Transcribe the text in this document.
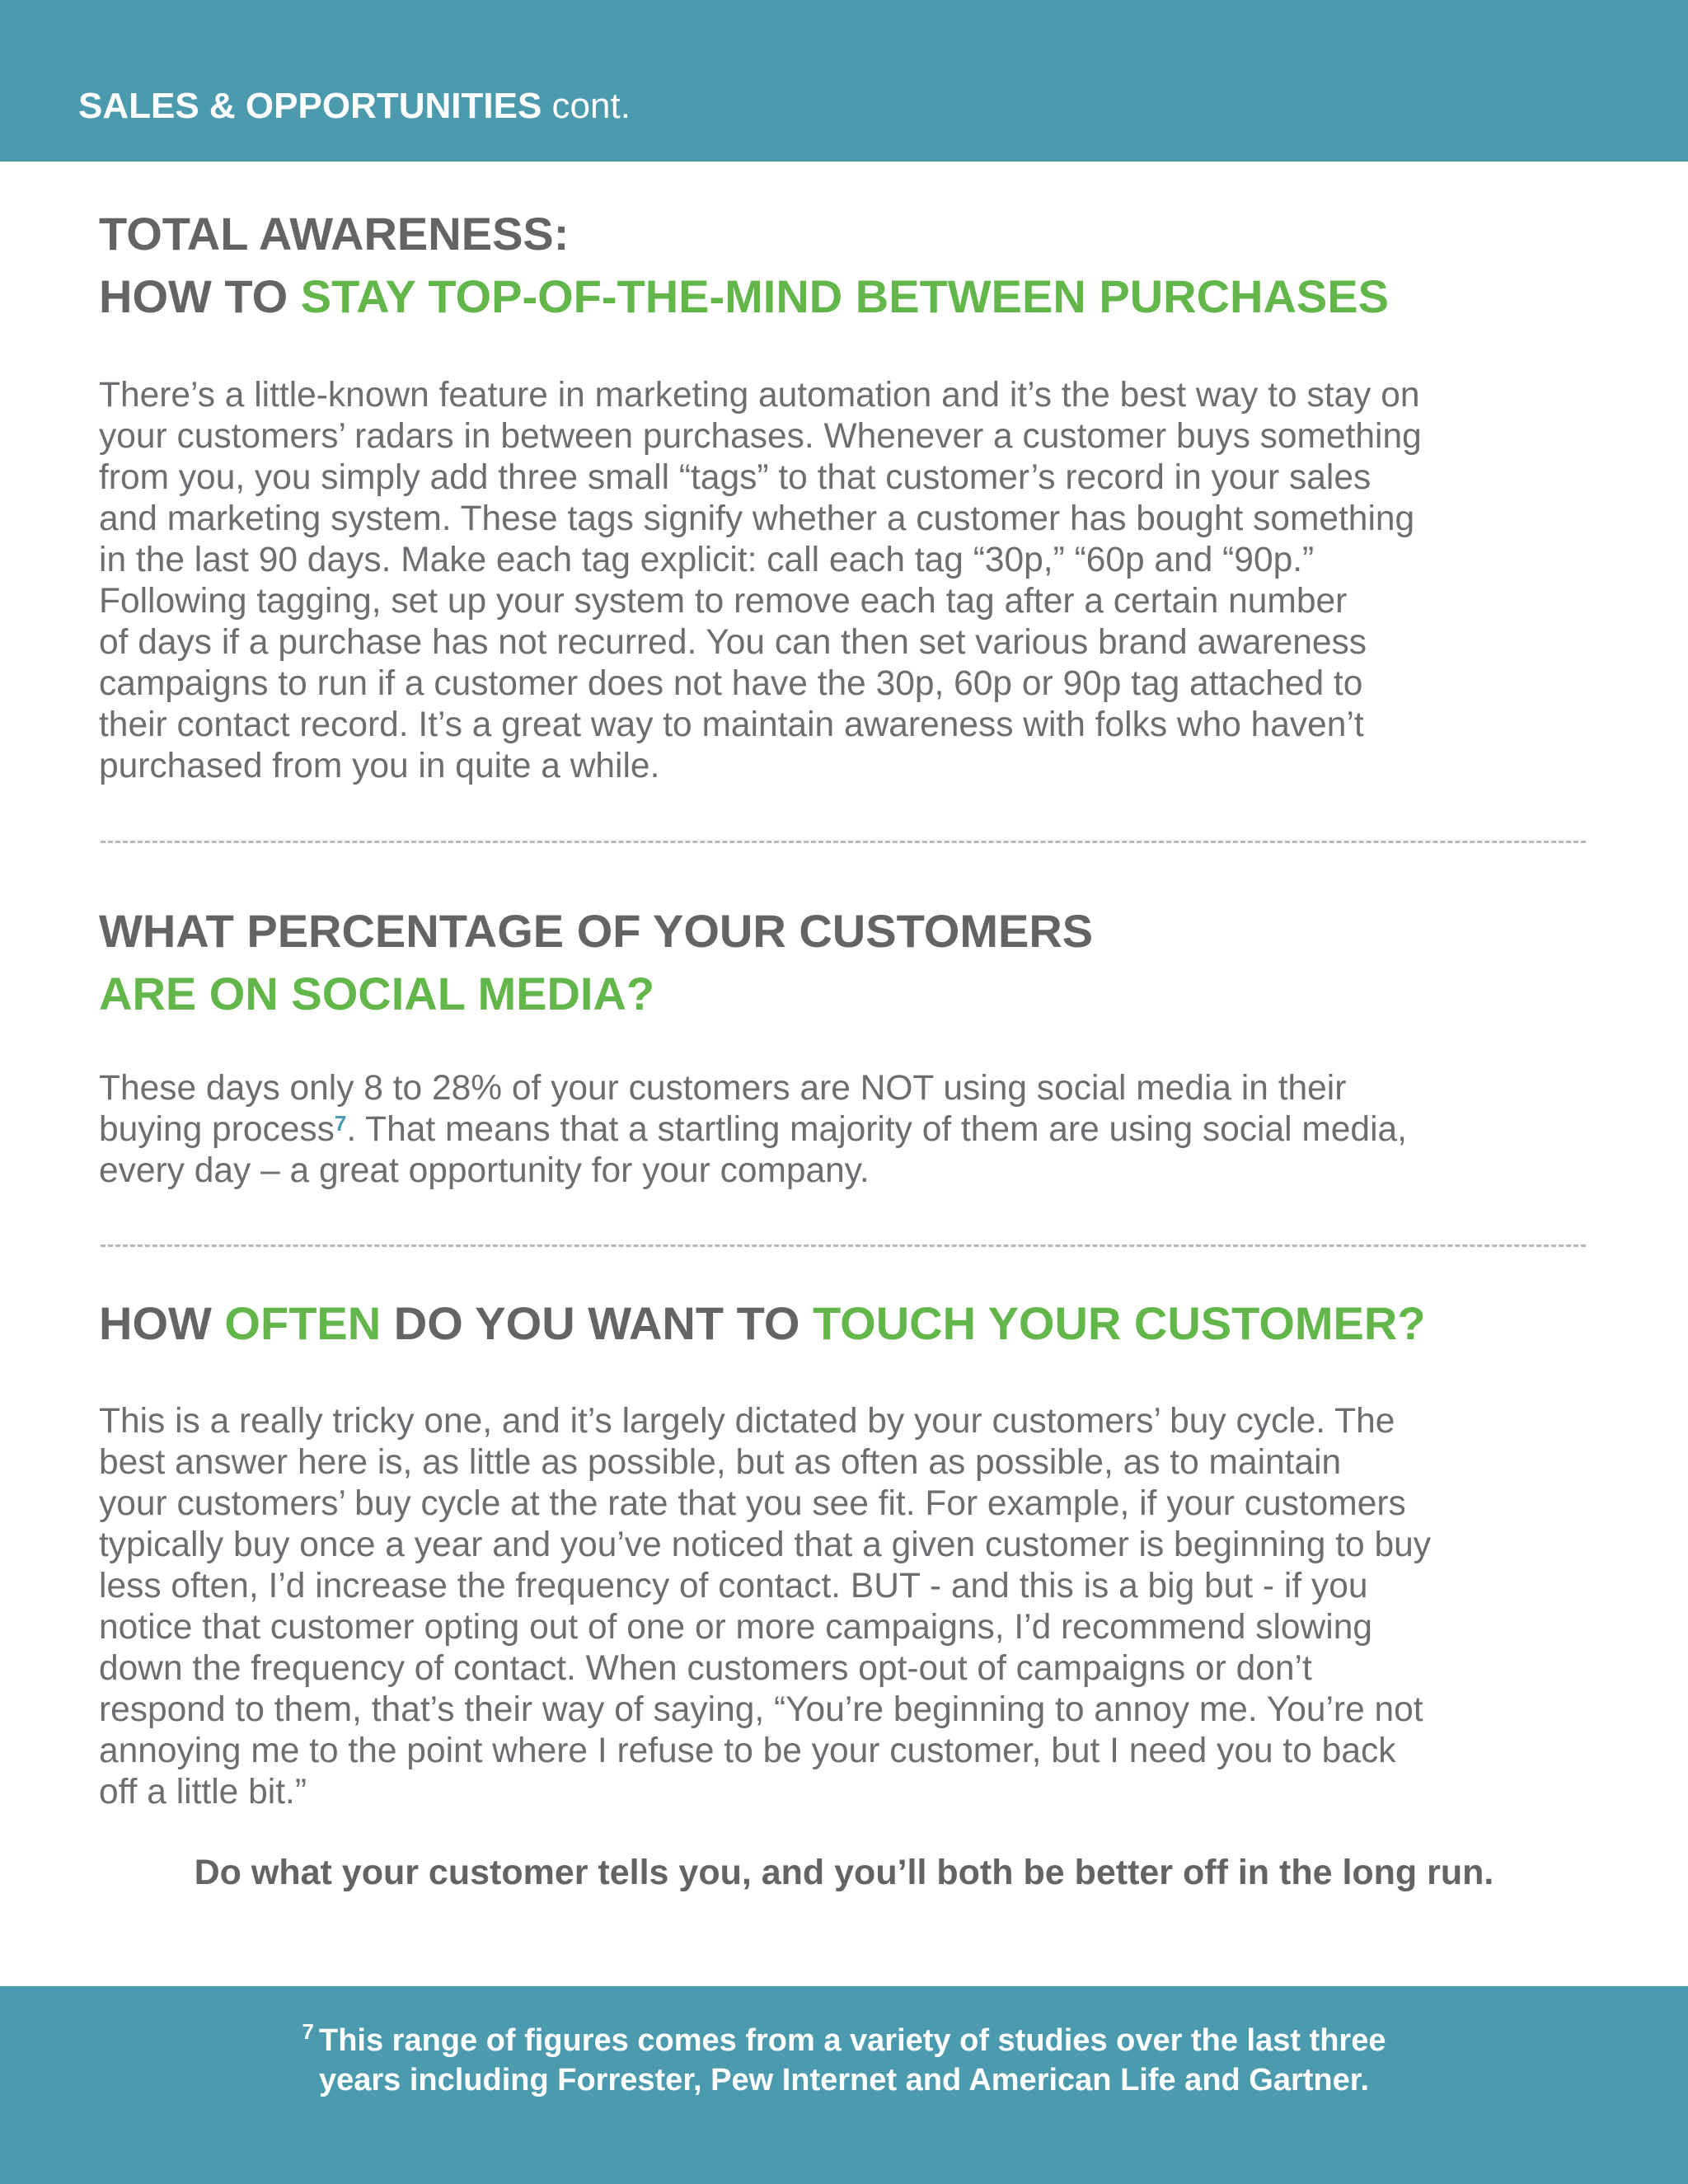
SALES & OPPORTUNITIES cont.
TOTAL AWARENESS:
HOW TO STAY TOP-OF-THE-MIND BETWEEN PURCHASES
There’s a little-known feature in marketing automation and it’s the best way to stay on
your customers’ radars in between purchases. Whenever a customer buys something
from you, you simply add three small “tags” to that customer’s record in your sales
and marketing system. These tags signify whether a customer has bought something
in the last 90 days. Make each tag explicit: call each tag “30p,” “60p and “90p.”
Following tagging, set up your system to remove each tag after a certain number
of days if a purchase has not recurred. You can then set various brand awareness
campaigns to run if a customer does not have the 30p, 60p or 90p tag attached to
their contact record. It’s a great way to maintain awareness with folks who haven’t
purchased from you in quite a while.
WHAT PERCENTAGE OF YOUR CUSTOMERS
ARE ON SOCIAL MEDIA?
These days only 8 to 28% of your customers are NOT using social media in their
buying process$^7$. That means that a startling majority of them are using social media,
every day – a great opportunity for your company.
HOW OFTEN DO YOU WANT TO TOUCH YOUR CUSTOMER?
This is a really tricky one, and it’s largely dictated by your customers’ buy cycle. The
best answer here is, as little as possible, but as often as possible, as to maintain
your customers’ buy cycle at the rate that you see fit. For example, if your customers
typically buy once a year and you’ve noticed that a given customer is beginning to buy
less often, I’d increase the frequency of contact. BUT - and this is a big but - if you
notice that customer opting out of one or more campaigns, I’d recommend slowing
down the frequency of contact. When customers opt-out of campaigns or don’t
respond to them, that’s their way of saying, “You’re beginning to annoy me. You’re not
annoying me to the point where I refuse to be your customer, but I need you to back
off a little bit.”
Do what your customer tells you, and you’ll both be better off in the long run.
$^7$ This range of figures comes from a variety of studies over the last three
years including Forrester, Pew Internet and American Life and Gartner.
